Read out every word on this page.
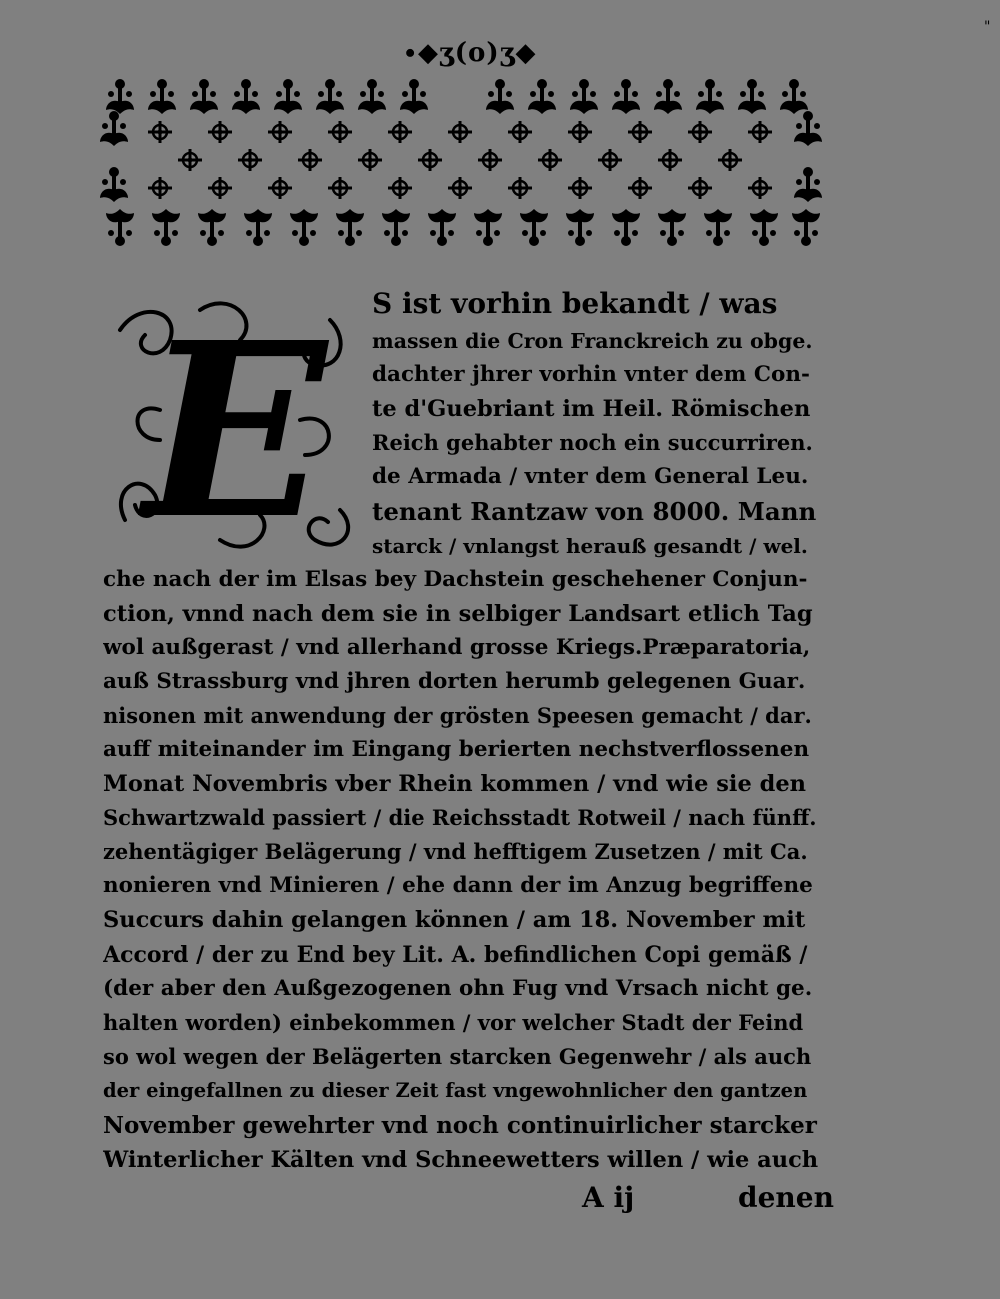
"
∙◆ʒ(o)ʒ◆
E S ist vorhin bekandt / was

massen die Cron Franckreich zu obge․

dachter jhrer vorhin vnter dem Con-

te d'Guebriant im Heil. Römischen

Reich gehabter noch ein succurriren․

de Armada / vnter dem General Leu․

tenant Rantzaw von 8000. Mann

starck / vnlangst herauß gesandt / wel․

che nach der im Elsas bey Dachstein geschehener Conjun-

ction, vnnd nach dem sie in selbiger Landsart etlich Tag

wol außgerast / vnd allerhand grosse Kriegs․Præparatoria,

auß Strassburg vnd jhren dorten herumb gelegenen Guar․

nisonen mit anwendung der grösten Speesen gemacht / dar․

auff miteinander im Eingang berierten nechstverflossenen

Monat Novembris vber Rhein kommen / vnd wie sie den

Schwartzwald passiert / die Reichsstadt Rotweil / nach fünff․

zehentägiger Belägerung / vnd hefftigem Zusetzen / mit Ca․

nonieren vnd Minieren / ehe dann der im Anzug begriffene

Succurs dahin gelangen können / am 18. November mit

Accord / der zu End bey Lit. A. befindlichen Copi gemäß /

(der aber den Außgezogenen ohn Fug vnd Vrsach nicht ge․

halten worden) einbekommen / vor welcher Stadt der Feind

so wol wegen der Belägerten starcken Gegenwehr / als auch

der eingefallnen zu dieser Zeit fast vngewohnlicher den gantzen

November gewehrter vnd noch continuirlicher starcker

Winterlicher Kälten vnd Schneewetters willen / wie auch

A ij	denen
